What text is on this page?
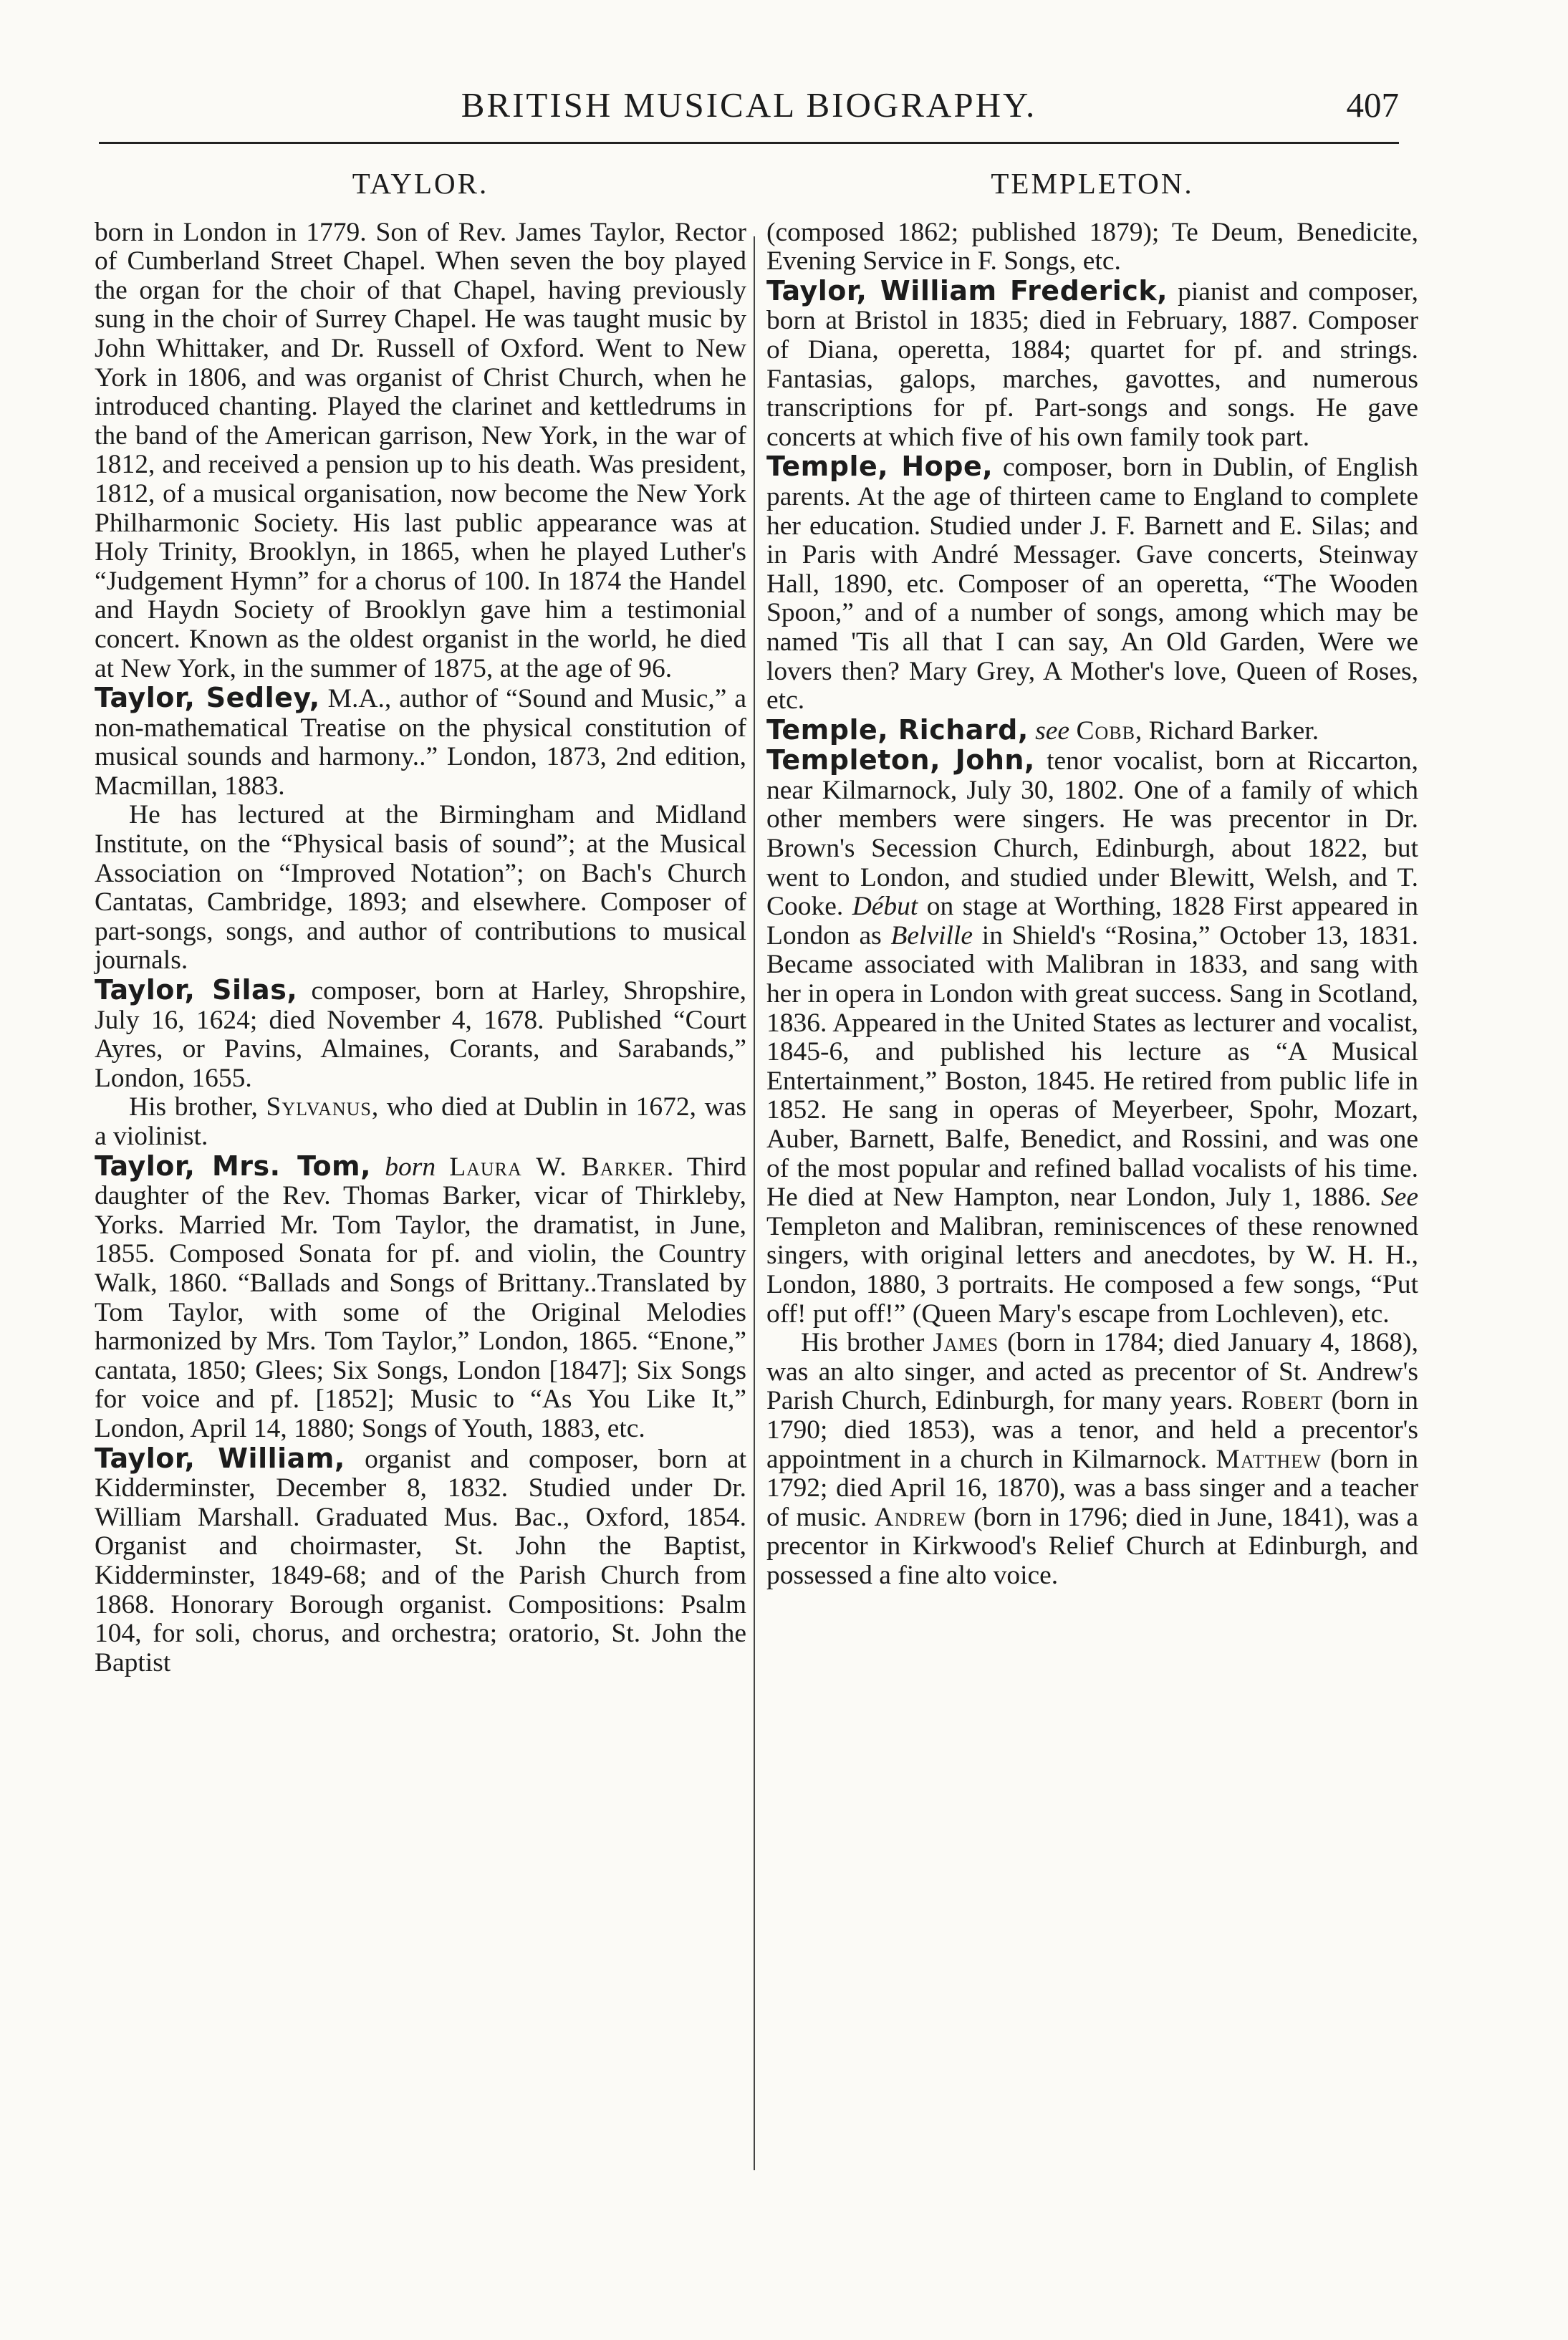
BRITISH MUSICAL BIOGRAPHY.	407
TAYLOR.

born in London in 1779. Son of Rev. James Taylor, Rector of Cumberland Street Chapel. When seven the boy played the organ for the choir of that Chapel, having previously sung in the choir of Surrey Chapel. He was taught music by John Whittaker, and Dr. Russell of Oxford. Went to New York in 1806, and was organist of Christ Church, when he introduced chanting. Played the clarinet and kettledrums in the band of the American garrison, New York, in the war of 1812, and received a pension up to his death. Was president, 1812, of a musical organisation, now become the New York Philharmonic Society. His last public appearance was at Holy Trinity, Brooklyn, in 1865, when he played Luther's “Judgement Hymn” for a chorus of 100. In 1874 the Handel and Haydn Society of Brooklyn gave him a testimonial concert. Known as the oldest organist in the world, he died at New York, in the summer of 1875, at the age of 96.

Taylor, Sedley, M.A., author of “Sound and Music,” a non-mathematical Treatise on the physical constitution of musical sounds and harmony..” London, 1873, 2nd edition, Macmillan, 1883.

He has lectured at the Birmingham and Midland Institute, on the “Physical basis of sound”; at the Musical Association on “Improved Notation”; on Bach's Church Cantatas, Cambridge, 1893; and elsewhere. Composer of part-songs, songs, and author of contributions to musical journals.

Taylor, Silas, composer, born at Harley, Shropshire, July 16, 1624; died November 4, 1678. Published “Court Ayres, or Pavins, Almaines, Corants, and Sarabands,” London, 1655.

His brother, Sylvanus, who died at Dublin in 1672, was a violinist.

Taylor, Mrs. Tom, born Laura W. Barker. Third daughter of the Rev. Thomas Barker, vicar of Thirkleby, Yorks. Married Mr. Tom Taylor, the dramatist, in June, 1855. Composed Sonata for pf. and violin, the Country Walk, 1860. “Ballads and Songs of Brittany..Translated by Tom Taylor, with some of the Original Melodies harmonized by Mrs. Tom Taylor,” London, 1865. “Enone,” cantata, 1850; Glees; Six Songs, London [1847]; Six Songs for voice and pf. [1852]; Music to “As You Like It,” London, April 14, 1880; Songs of Youth, 1883, etc.

Taylor, William, organist and composer, born at Kidderminster, December 8, 1832. Studied under Dr. William Marshall. Graduated Mus. Bac., Oxford, 1854. Organist and choirmaster, St. John the Baptist, Kidderminster, 1849-68; and of the Parish Church from 1868. Honorary Borough organist. Compositions: Psalm 104, for soli, chorus, and orchestra; oratorio, St. John the Baptist

TEMPLETON.

(composed 1862; published 1879); Te Deum, Benedicite, Evening Service in F. Songs, etc.

Taylor, William Frederick, pianist and composer, born at Bristol in 1835; died in February, 1887. Composer of Diana, operetta, 1884; quartet for pf. and strings. Fantasias, galops, marches, gavottes, and numerous transcriptions for pf. Part-songs and songs. He gave concerts at which five of his own family took part.

Temple, Hope, composer, born in Dublin, of English parents. At the age of thirteen came to England to complete her education. Studied under J. F. Barnett and E. Silas; and in Paris with André Messager. Gave concerts, Steinway Hall, 1890, etc. Composer of an operetta, “The Wooden Spoon,” and of a number of songs, among which may be named 'Tis all that I can say, An Old Garden, Were we lovers then? Mary Grey, A Mother's love, Queen of Roses, etc.

Temple, Richard, see Cobb, Richard Barker.

Templeton, John, tenor vocalist, born at Riccarton, near Kilmarnock, July 30, 1802. One of a family of which other members were singers. He was precentor in Dr. Brown's Secession Church, Edinburgh, about 1822, but went to London, and studied under Blewitt, Welsh, and T. Cooke. Début on stage at Worthing, 1828 First appeared in London as Belville in Shield's “Rosina,” October 13, 1831. Became associated with Malibran in 1833, and sang with her in opera in London with great success. Sang in Scotland, 1836. Appeared in the United States as lecturer and vocalist, 1845-6, and published his lecture as “A Musical Entertainment,” Boston, 1845. He retired from public life in 1852. He sang in operas of Meyerbeer, Spohr, Mozart, Auber, Barnett, Balfe, Benedict, and Rossini, and was one of the most popular and refined ballad vocalists of his time. He died at New Hampton, near London, July 1, 1886. See Templeton and Malibran, reminiscences of these renowned singers, with original letters and anecdotes, by W. H. H., London, 1880, 3 portraits. He composed a few songs, “Put off! put off!” (Queen Mary's escape from Lochleven), etc.

His brother James (born in 1784; died January 4, 1868), was an alto singer, and acted as precentor of St. Andrew's Parish Church, Edinburgh, for many years. Robert (born in 1790; died 1853), was a tenor, and held a precentor's appointment in a church in Kilmarnock. Matthew (born in 1792; died April 16, 1870), was a bass singer and a teacher of music. Andrew (born in 1796; died in June, 1841), was a precentor in Kirkwood's Relief Church at Edinburgh, and possessed a fine alto voice.
